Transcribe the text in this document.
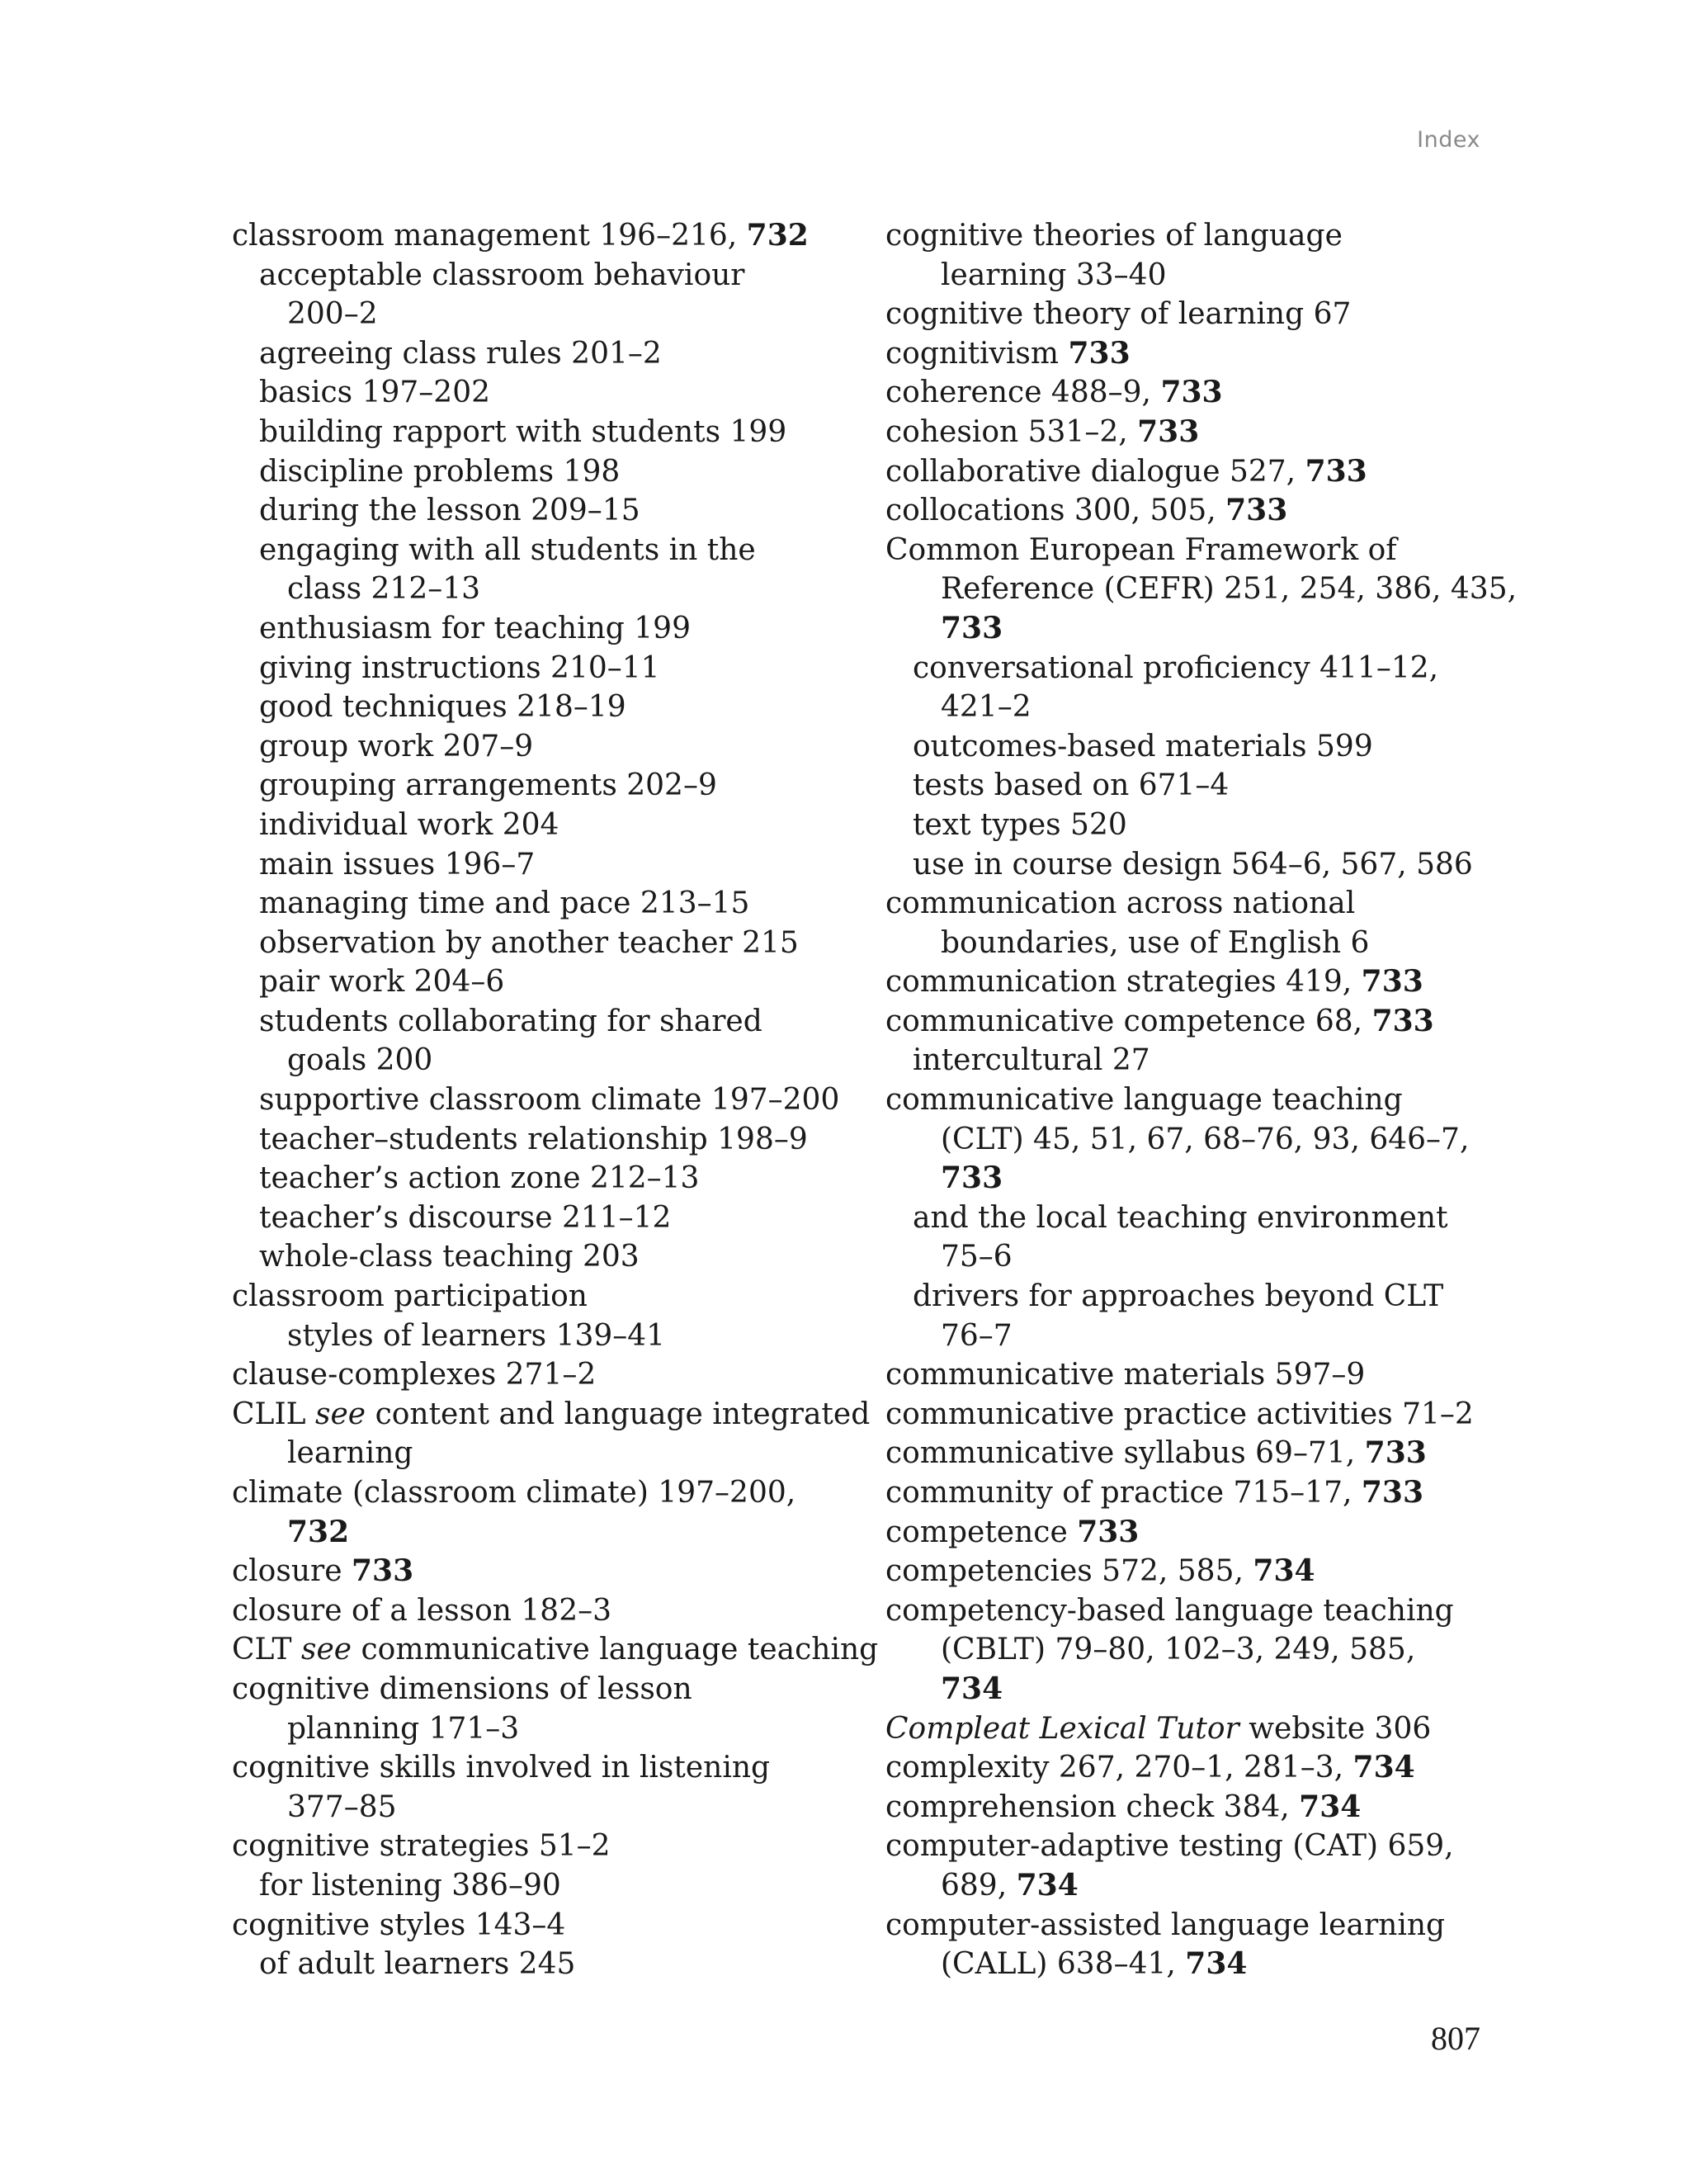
Index
classroom management 196–216, 732
acceptable classroom behaviour
200–2
agreeing class rules 201–2
basics 197–202
building rapport with students 199
discipline problems 198
during the lesson 209–15
engaging with all students in the
class 212–13
enthusiasm for teaching 199
giving instructions 210–11
good techniques 218–19
group work 207–9
grouping arrangements 202–9
individual work 204
main issues 196–7
managing time and pace 213–15
observation by another teacher 215
pair work 204–6
students collaborating for shared
goals 200
supportive classroom climate 197–200
teacher–students relationship 198–9
teacher’s action zone 212–13
teacher’s discourse 211–12
whole-class teaching 203
classroom participation
styles of learners 139–41
clause-complexes 271–2
CLIL see content and language integrated
learning
climate (classroom climate) 197–200,
732
closure 733
closure of a lesson 182–3
CLT see communicative language teaching
cognitive dimensions of lesson
planning 171–3
cognitive skills involved in listening
377–85
cognitive strategies 51–2
for listening 386–90
cognitive styles 143–4
of adult learners 245
cognitive theories of language
learning 33–40
cognitive theory of learning 67
cognitivism 733
coherence 488–9, 733
cohesion 531–2, 733
collaborative dialogue 527, 733
collocations 300, 505, 733
Common European Framework of
Reference (CEFR) 251, 254, 386, 435,
733
conversational proficiency 411–12,
421–2
outcomes-based materials 599
tests based on 671–4
text types 520
use in course design 564–6, 567, 586
communication across national
boundaries, use of English 6
communication strategies 419, 733
communicative competence 68, 733
intercultural 27
communicative language teaching
(CLT) 45, 51, 67, 68–76, 93, 646–7,
733
and the local teaching environment
75–6
drivers for approaches beyond CLT
76–7
communicative materials 597–9
communicative practice activities 71–2
communicative syllabus 69–71, 733
community of practice 715–17, 733
competence 733
competencies 572, 585, 734
competency-based language teaching
(CBLT) 79–80, 102–3, 249, 585,
734
Compleat Lexical Tutor website 306
complexity 267, 270–1, 281–3, 734
comprehension check 384, 734
computer-adaptive testing (CAT) 659,
689, 734
computer-assisted language learning
(CALL) 638–41, 734
807
